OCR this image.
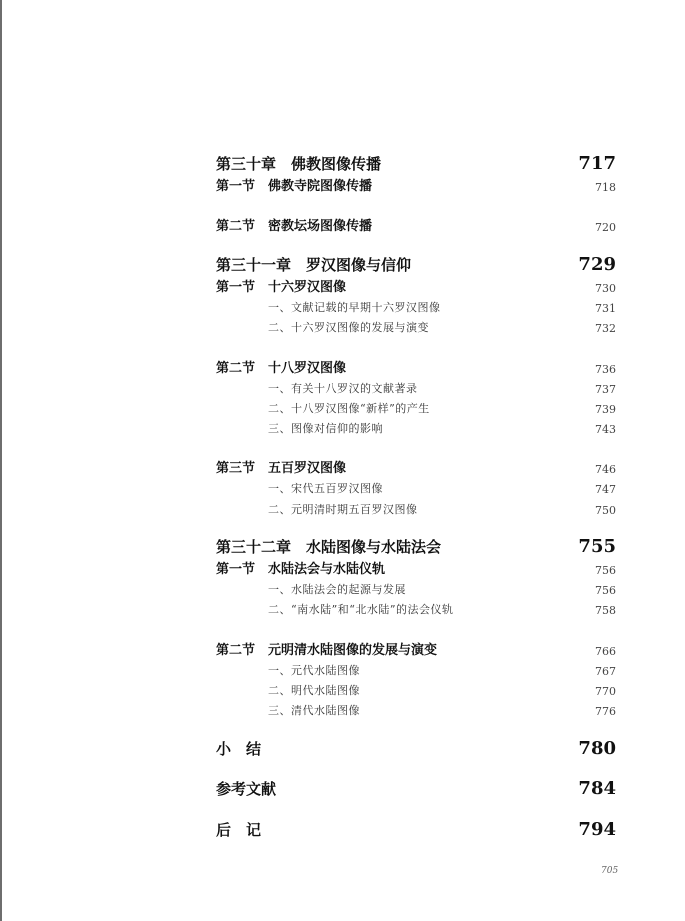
第三十章　佛教图像传播	717
第一节　佛教寺院图像传播	718
第二节　密教坛场图像传播	720
第三十一章　罗汉图像与信仰	729
第一节　十六罗汉图像	730
一、文献记载的早期十六罗汉图像	731
二、十六罗汉图像的发展与演变	732
第二节　十八罗汉图像	736
一、有关十八罗汉的文献著录	737
二、十八罗汉图像“新样”的产生	739
三、图像对信仰的影响	743
第三节　五百罗汉图像	746
一、宋代五百罗汉图像	747
二、元明清时期五百罗汉图像	750
第三十二章　水陆图像与水陆法会	755
第一节　水陆法会与水陆仪轨	756
一、水陆法会的起源与发展	756
二、“南水陆”和“北水陆”的法会仪轨	758
第二节　元明清水陆图像的发展与演变	766
一、元代水陆图像	767
二、明代水陆图像	770
三、清代水陆图像	776
小　结	780
参考文献	784
后　记	794
705
